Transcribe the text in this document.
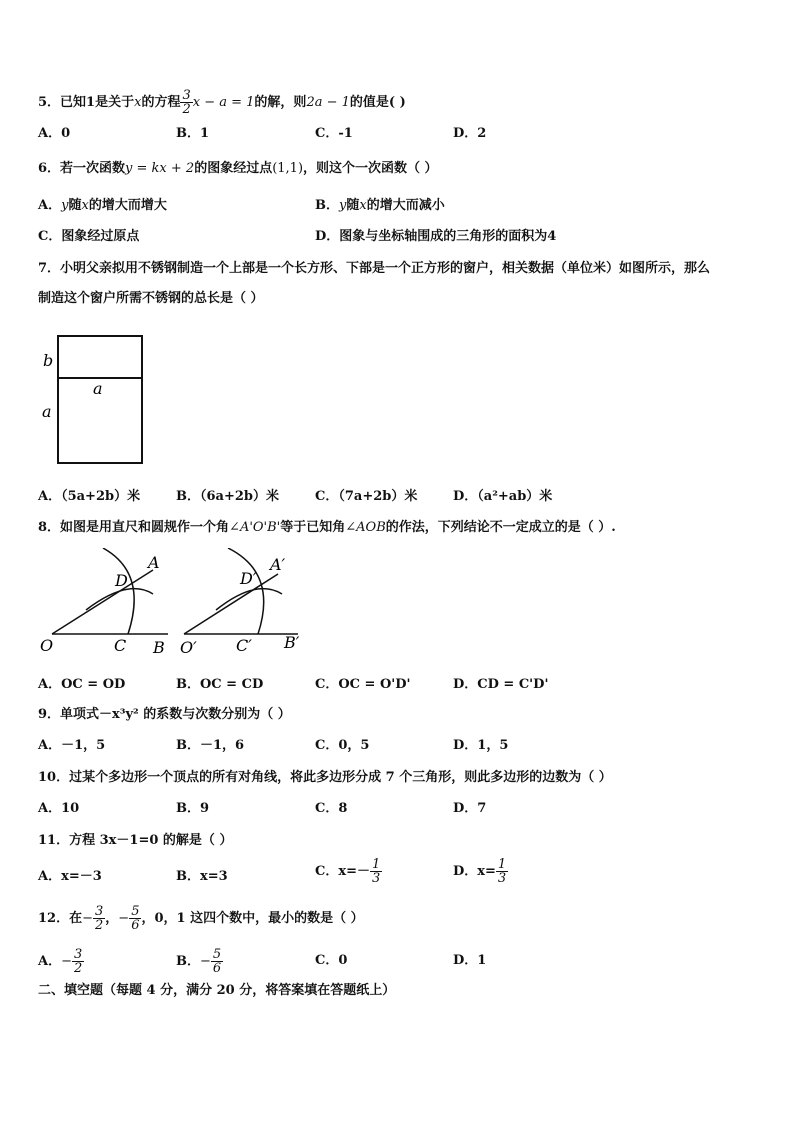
5．已知1是关于x的方程 $\frac{3}{2}$ x − a = 1的解，则2a − 1的值是( )
A．0	B．1	C．-1	D．2
6．若一次函数y = kx + 2的图象经过点(1,1)，则这个一次函数（ ）
A．y随x的增大而增大	B．y随x的增大而减小
C．图象经过原点	D．图象与坐标轴围成的三角形的面积为4
7．小明父亲拟用不锈钢制造一个上部是一个长方形、下部是一个正方形的窗户，相关数据（单位米）如图所示，那么
制造这个窗户所需不锈钢的总长是（ ）
b
a
a
A．（5a+2b）米	B．（6a+2b）米	C．（7a+2b）米	D．（a²+ab）米
8．如图是用直尺和圆规作一个角∠A'O'B'等于已知角∠AOB的作法，下列结论不一定成立的是（ ）.
O	C B
D
A
O′ C′ B′
D′
A′
A．OC = OD	B．OC = CD	C．OC = O'D'	D．CD = C'D'
9．单项式－x³y² 的系数与次数分别为（ ）
A．－1，5	B．－1，6	C．0，5	D．1，5
10．过某个多边形一个顶点的所有对角线，将此多边形分成 7 个三角形，则此多边形的边数为（ ）
A．10	B．9	C．8	D．7
11．方程 3x－1=0 的解是（ ）
A．x=－3	B．x=3	C．$x=- \frac{1}{3}$	D．$x= \frac{1}{3}$
12．在− $\frac{3}{2}$ ，− $\frac{5}{6}$ ，0，1 这四个数中，最小的数是（ ）
A．− $\frac{3}{2}$	B．− $\frac{5}{6}$	C．0	D．1
二、填空题（每题 4 分，满分 20 分，将答案填在答题纸上）
